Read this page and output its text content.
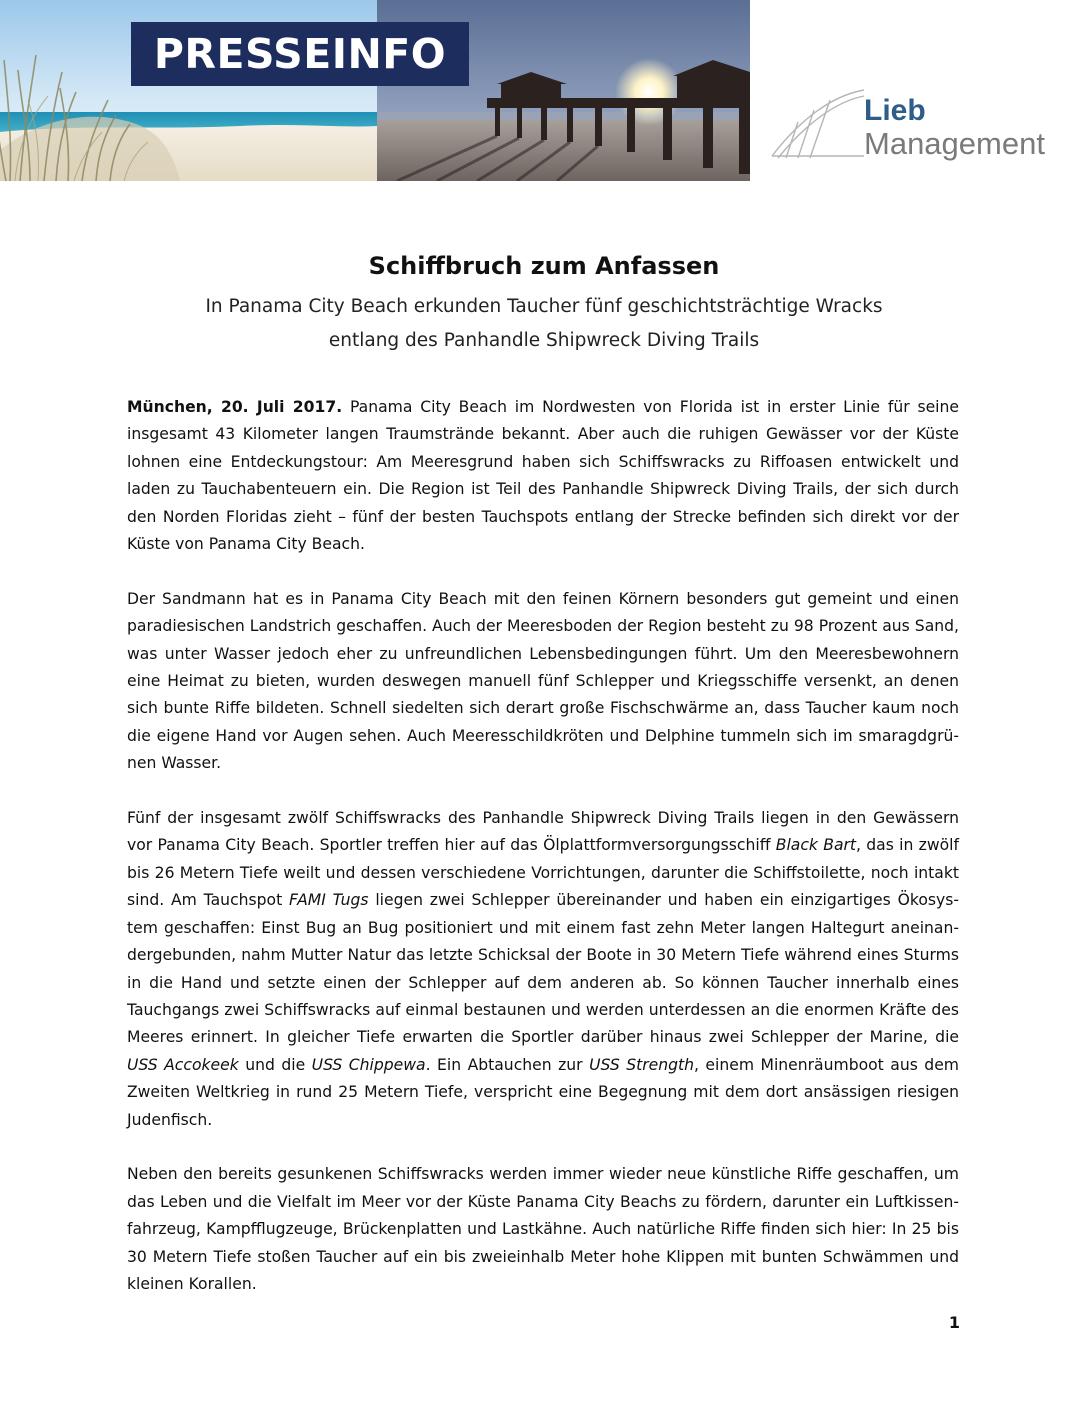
PRESSEINFO
Lieb
Management
Schiffbruch zum Anfassen
In Panama City Beach erkunden Taucher fünf geschichtsträchtige Wracks
entlang des Panhandle Shipwreck Diving Trails

München, 20. Juli 2017. Panama City Beach im Nordwesten von Florida ist in erster Linie für seine insgesamt 43 Kilometer langen Traumstrände bekannt. Aber auch die ruhigen Gewässer vor der Küste lohnen eine Entdeckungstour: Am Meeresgrund haben sich Schiffswracks zu Riffoasen entwickelt und laden zu Tauchabenteuern ein. Die Region ist Teil des Panhandle Shipwreck Diving Trails, der sich durch den Norden Floridas zieht – fünf der besten Tauchspots entlang der Strecke befinden sich direkt vor der Küste von Panama City Beach.

Der Sandmann hat es in Panama City Beach mit den feinen Körnern besonders gut gemeint und einen paradiesischen Landstrich geschaffen. Auch der Meeresboden der Region besteht zu 98 Prozent aus Sand, was unter Wasser jedoch eher zu unfreundlichen Lebensbedingungen führt. Um den Meeresbewohnern eine Heimat zu bieten, wurden deswegen manuell fünf Schlepper und Kriegsschiffe versenkt, an denen sich bunte Riffe bildeten. Schnell siedelten sich derart große Fischschwärme an, dass Taucher kaum noch die eigene Hand vor Augen sehen. Auch Meeresschildkröten und Delphine tummeln sich im smaragdgrünen Wasser.

Fünf der insgesamt zwölf Schiffswracks des Panhandle Shipwreck Diving Trails liegen in den Gewässern vor Panama City Beach. Sportler treffen hier auf das Ölplattformversorgungsschiff Black Bart, das in zwölf bis 26 Metern Tiefe weilt und dessen verschiedene Vorrichtungen, darunter die Schiffstoilette, noch intakt sind. Am Tauchspot FAMI Tugs liegen zwei Schlepper übereinander und haben ein einzigartiges Ökosystem geschaffen: Einst Bug an Bug positioniert und mit einem fast zehn Meter langen Haltegurt aneinandergebunden, nahm Mutter Natur das letzte Schicksal der Boote in 30 Metern Tiefe während eines Sturms in die Hand und setzte einen der Schlepper auf dem anderen ab. So können Taucher innerhalb eines Tauchgangs zwei Schiffswracks auf einmal bestaunen und werden unterdessen an die enormen Kräfte des Meeres erinnert. In gleicher Tiefe erwarten die Sportler darüber hinaus zwei Schlepper der Marine, die USS Accokeek und die USS Chippewa. Ein Abtauchen zur USS Strength, einem Minenräumboot aus dem Zweiten Weltkrieg in rund 25 Metern Tiefe, verspricht eine Begegnung mit dem dort ansässigen riesigen Judenfisch.

Neben den bereits gesunkenen Schiffswracks werden immer wieder neue künstliche Riffe geschaffen, um das Leben und die Vielfalt im Meer vor der Küste Panama City Beachs zu fördern, darunter ein Luftkissenfahrzeug, Kampfflugzeuge, Brückenplatten und Lastkähne. Auch natürliche Riffe finden sich hier: In 25 bis 30 Metern Tiefe stoßen Taucher auf ein bis zweieinhalb Meter hohe Klippen mit bunten Schwämmen und kleinen Korallen.

1
